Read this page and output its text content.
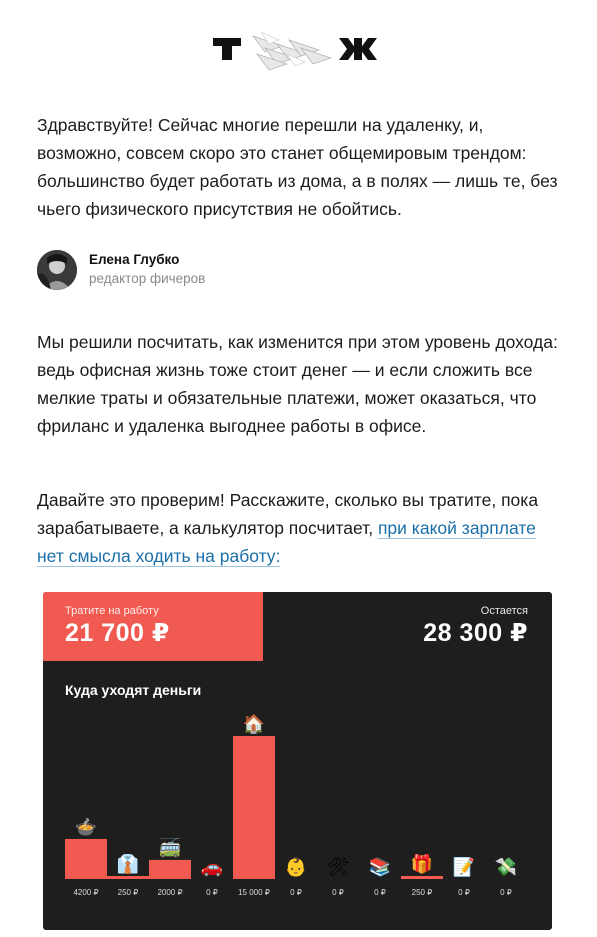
Здравствуйте! Сейчас многие перешли на удаленку, и, возможно, совсем скоро это станет общемировым трендом: большинство будет работать из дома, а в полях — лишь те, без чьего физического присутствия не обойтись.

Елена Глубко
редактор фичеров

Мы решили посчитать, как изменится при этом уровень дохода: ведь офисная жизнь тоже стоит денег — и если сложить все мелкие траты и обязательные платежи, может оказаться, что фриланс и удаленка выгоднее работы в офисе.

Давайте это проверим! Расскажите, сколько вы тратите, пока зарабатываете, а калькулятор посчитает, при какой зарплате нет смысла ходить на работу:

Тратите на работу
21 700 ₽
Остается
28 300 ₽
Куда уходят деньги
🍲
4200 ₽
👔
250 ₽
🚎
2000 ₽
🚗
0 ₽
🏠
15 000 ₽
👶
0 ₽
🛠
0 ₽
📚
0 ₽
🎁
250 ₽
📝
0 ₽
💸
0 ₽
